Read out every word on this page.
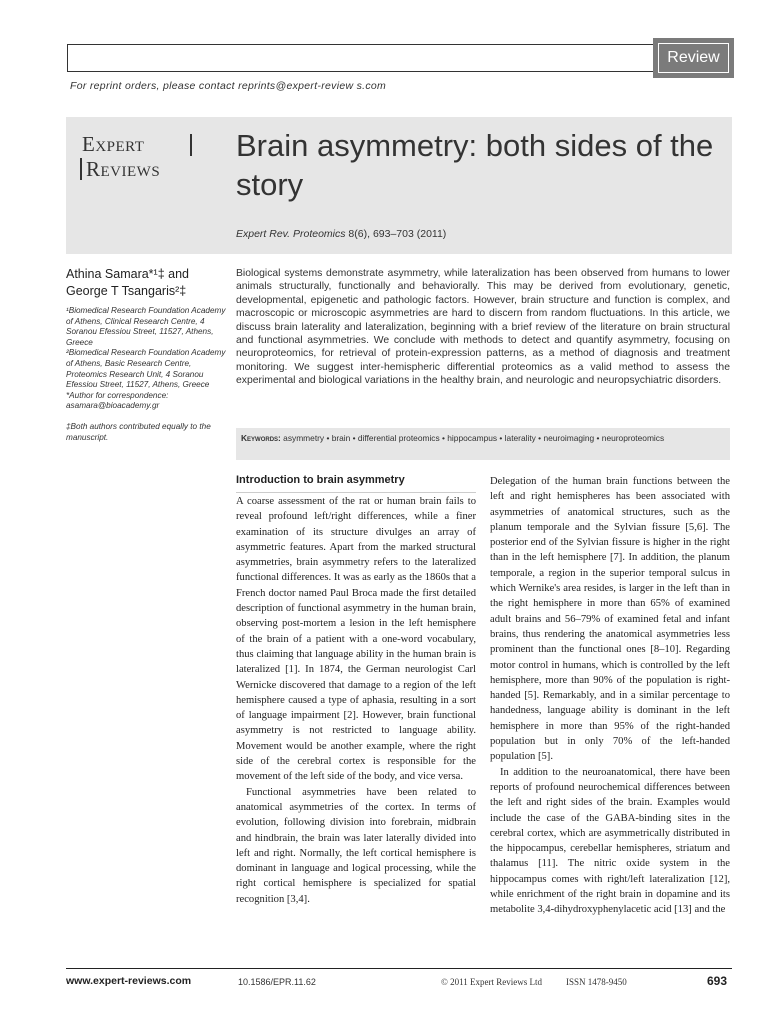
Review
For reprint orders, please contact reprints@expert-review s.com
Expert
Reviews
Brain asymmetry: both sides of the story
Expert Rev. Proteomics 8(6), 693–703 (2011)
Athina Samara*¹‡ and
George T Tsangaris²‡

¹Biomedical Research Foundation Academy of Athens, Clinical Research Centre, 4 Soranou Efessiou Street, 11527, Athens, Greece

²Biomedical Research Foundation Academy of Athens, Basic Research Centre, Proteomics Research Unit, 4 Soranou Efessiou Street, 11527, Athens, Greece

*Author for correspondence:

asamara@bioacademy.gr

‡Both authors contributed equally to the manuscript.

Biological systems demonstrate asymmetry, while lateralization has been observed from humans to lower animals structurally, functionally and behaviorally. This may be derived from evolutionary, genetic, developmental, epigenetic and pathologic factors. However, brain structure and function is complex, and macroscopic or microscopic asymmetries are hard to discern from random fluctuations. In this article, we discuss brain laterality and lateralization, beginning with a brief review of the literature on brain structural and functional asymmetries. We conclude with methods to detect and quantify asymmetry, focusing on neuroproteomics, for retrieval of protein-expression patterns, as a method of diagnosis and treatment monitoring. We suggest inter-hemispheric differential proteomics as a valid method to assess the experimental and biological variations in the healthy brain, and neurologic and neuropsychiatric disorders.
Keywords: asymmetry • brain • differential proteomics • hippocampus • laterality • neuroimaging • neuroproteomics
Introduction to brain asymmetry

A coarse assessment of the rat or human brain fails to reveal profound left/right differences, while a finer examination of its structure divulges an array of asymmetric features. Apart from the marked structural asymmetries, brain asymmetry refers to the lateralized functional differences. It was as early as the 1860s that a French doctor named Paul Broca made the first detailed description of functional asymmetry in the human brain, observing post-mortem a lesion in the left hemisphere of the brain of a patient with a one-word vocabulary, thus claiming that language ability in the human brain is lateralized [1]. In 1874, the German neurologist Carl Wernicke discovered that damage to a region of the left hemisphere caused a type of aphasia, resulting in a sort of language impairment [2]. However, brain functional asymmetry is not restricted to language ability. Movement would be another example, where the right side of the cerebral cortex is responsible for the movement of the left side of the body, and vice versa.

Functional asymmetries have been related to anatomical asymmetries of the cortex. In terms of evolution, following division into forebrain, midbrain and hindbrain, the brain was later laterally divided into left and right. Normally, the left cortical hemisphere is dominant in language and logical processing, while the right cortical hemisphere is specialized for spatial recognition [3,4].

Delegation of the human brain functions between the left and right hemispheres has been associated with asymmetries of anatomical structures, such as the planum temporale and the Sylvian fissure [5,6]. The posterior end of the Sylvian fissure is higher in the right than in the left hemisphere [7]. In addition, the planum temporale, a region in the superior temporal sulcus in which Wernike's area resides, is larger in the left than in the right hemisphere in more than 65% of examined adult brains and 56–79% of examined fetal and infant brains, thus rendering the anatomical asymmetries less prominent than the functional ones [8–10]. Regarding motor control in humans, which is controlled by the left hemisphere, more than 90% of the population is right-handed [5]. Remarkably, and in a similar percentage to handedness, language ability is dominant in the left hemisphere in more than 95% of the right-handed population but in only 70% of the left-handed population [5].

In addition to the neuroanatomical, there have been reports of profound neurochemical differences between the left and right sides of the brain. Examples would include the case of the GABA-binding sites in the cerebral cortex, which are asymmetrically distributed in the hippocampus, cerebellar hemispheres, striatum and thalamus [11]. The nitric oxide system in the hippocampus comes with right/left lateralization [12], while enrichment of the right brain in dopamine and its metabolite 3,4-dihydroxyphenylacetic acid [13] and the

www.expert-reviews.com	10.1586/EPR.11.62	© 2011 Expert Reviews Ltd	ISSN 1478-9450	693
